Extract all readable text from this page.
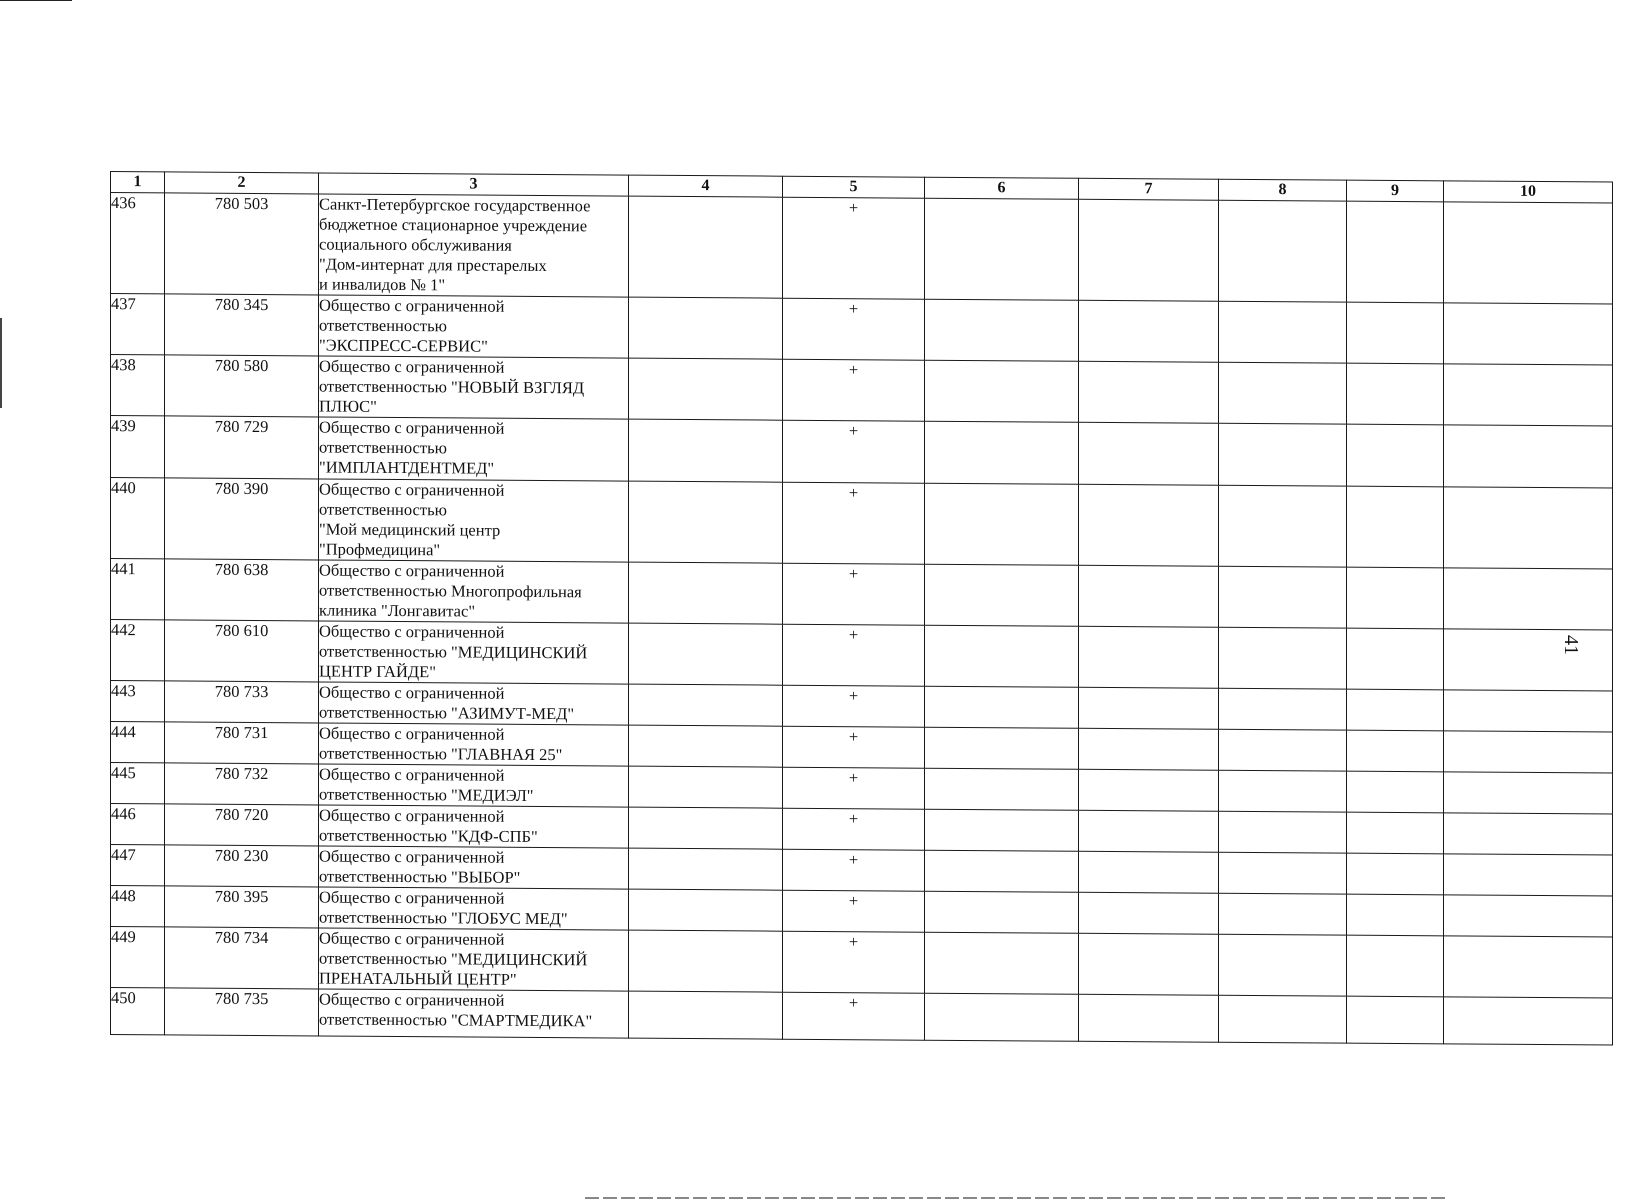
41
1	2	3	4	5	6	7	8	9	10
436	780 503	Санкт-Петербургское государственное
бюджетное стационарное учреждение
социального обслуживания
"Дом-интернат для престарелых
и инвалидов № 1"		+					
437	780 345	Общество с ограниченной
ответственностью
"ЭКСПРЕСС-СЕРВИС"		+					
438	780 580	Общество с ограниченной
ответственностью "НОВЫЙ ВЗГЛЯД
ПЛЮС"		+					
439	780 729	Общество с ограниченной
ответственностью
"ИМПЛАНТДЕНТМЕД"		+					
440	780 390	Общество с ограниченной
ответственностью
"Мой медицинский центр
"Профмедицина"		+					
441	780 638	Общество с ограниченной
ответственностью Многопрофильная
клиника "Лонгавитас"		+					
442	780 610	Общество с ограниченной
ответственностью "МЕДИЦИНСКИЙ
ЦЕНТР ГАЙДЕ"		+					
443	780 733	Общество с ограниченной
ответственностью "АЗИМУТ-МЕД"		+					
444	780 731	Общество с ограниченной
ответственностью "ГЛАВНАЯ 25"		+					
445	780 732	Общество с ограниченной
ответственностью "МЕДИЭЛ"		+					
446	780 720	Общество с ограниченной
ответственностью "КДФ-СПБ"		+					
447	780 230	Общество с ограниченной
ответственностью "ВЫБОР"		+					
448	780 395	Общество с ограниченной
ответственностью "ГЛОБУС МЕД"		+					
449	780 734	Общество с ограниченной
ответственностью "МЕДИЦИНСКИЙ
ПРЕНАТАЛЬНЫЙ ЦЕНТР"		+					
450	780 735	Общество с ограниченной
ответственностью "СМАРТМЕДИКА"		+					
